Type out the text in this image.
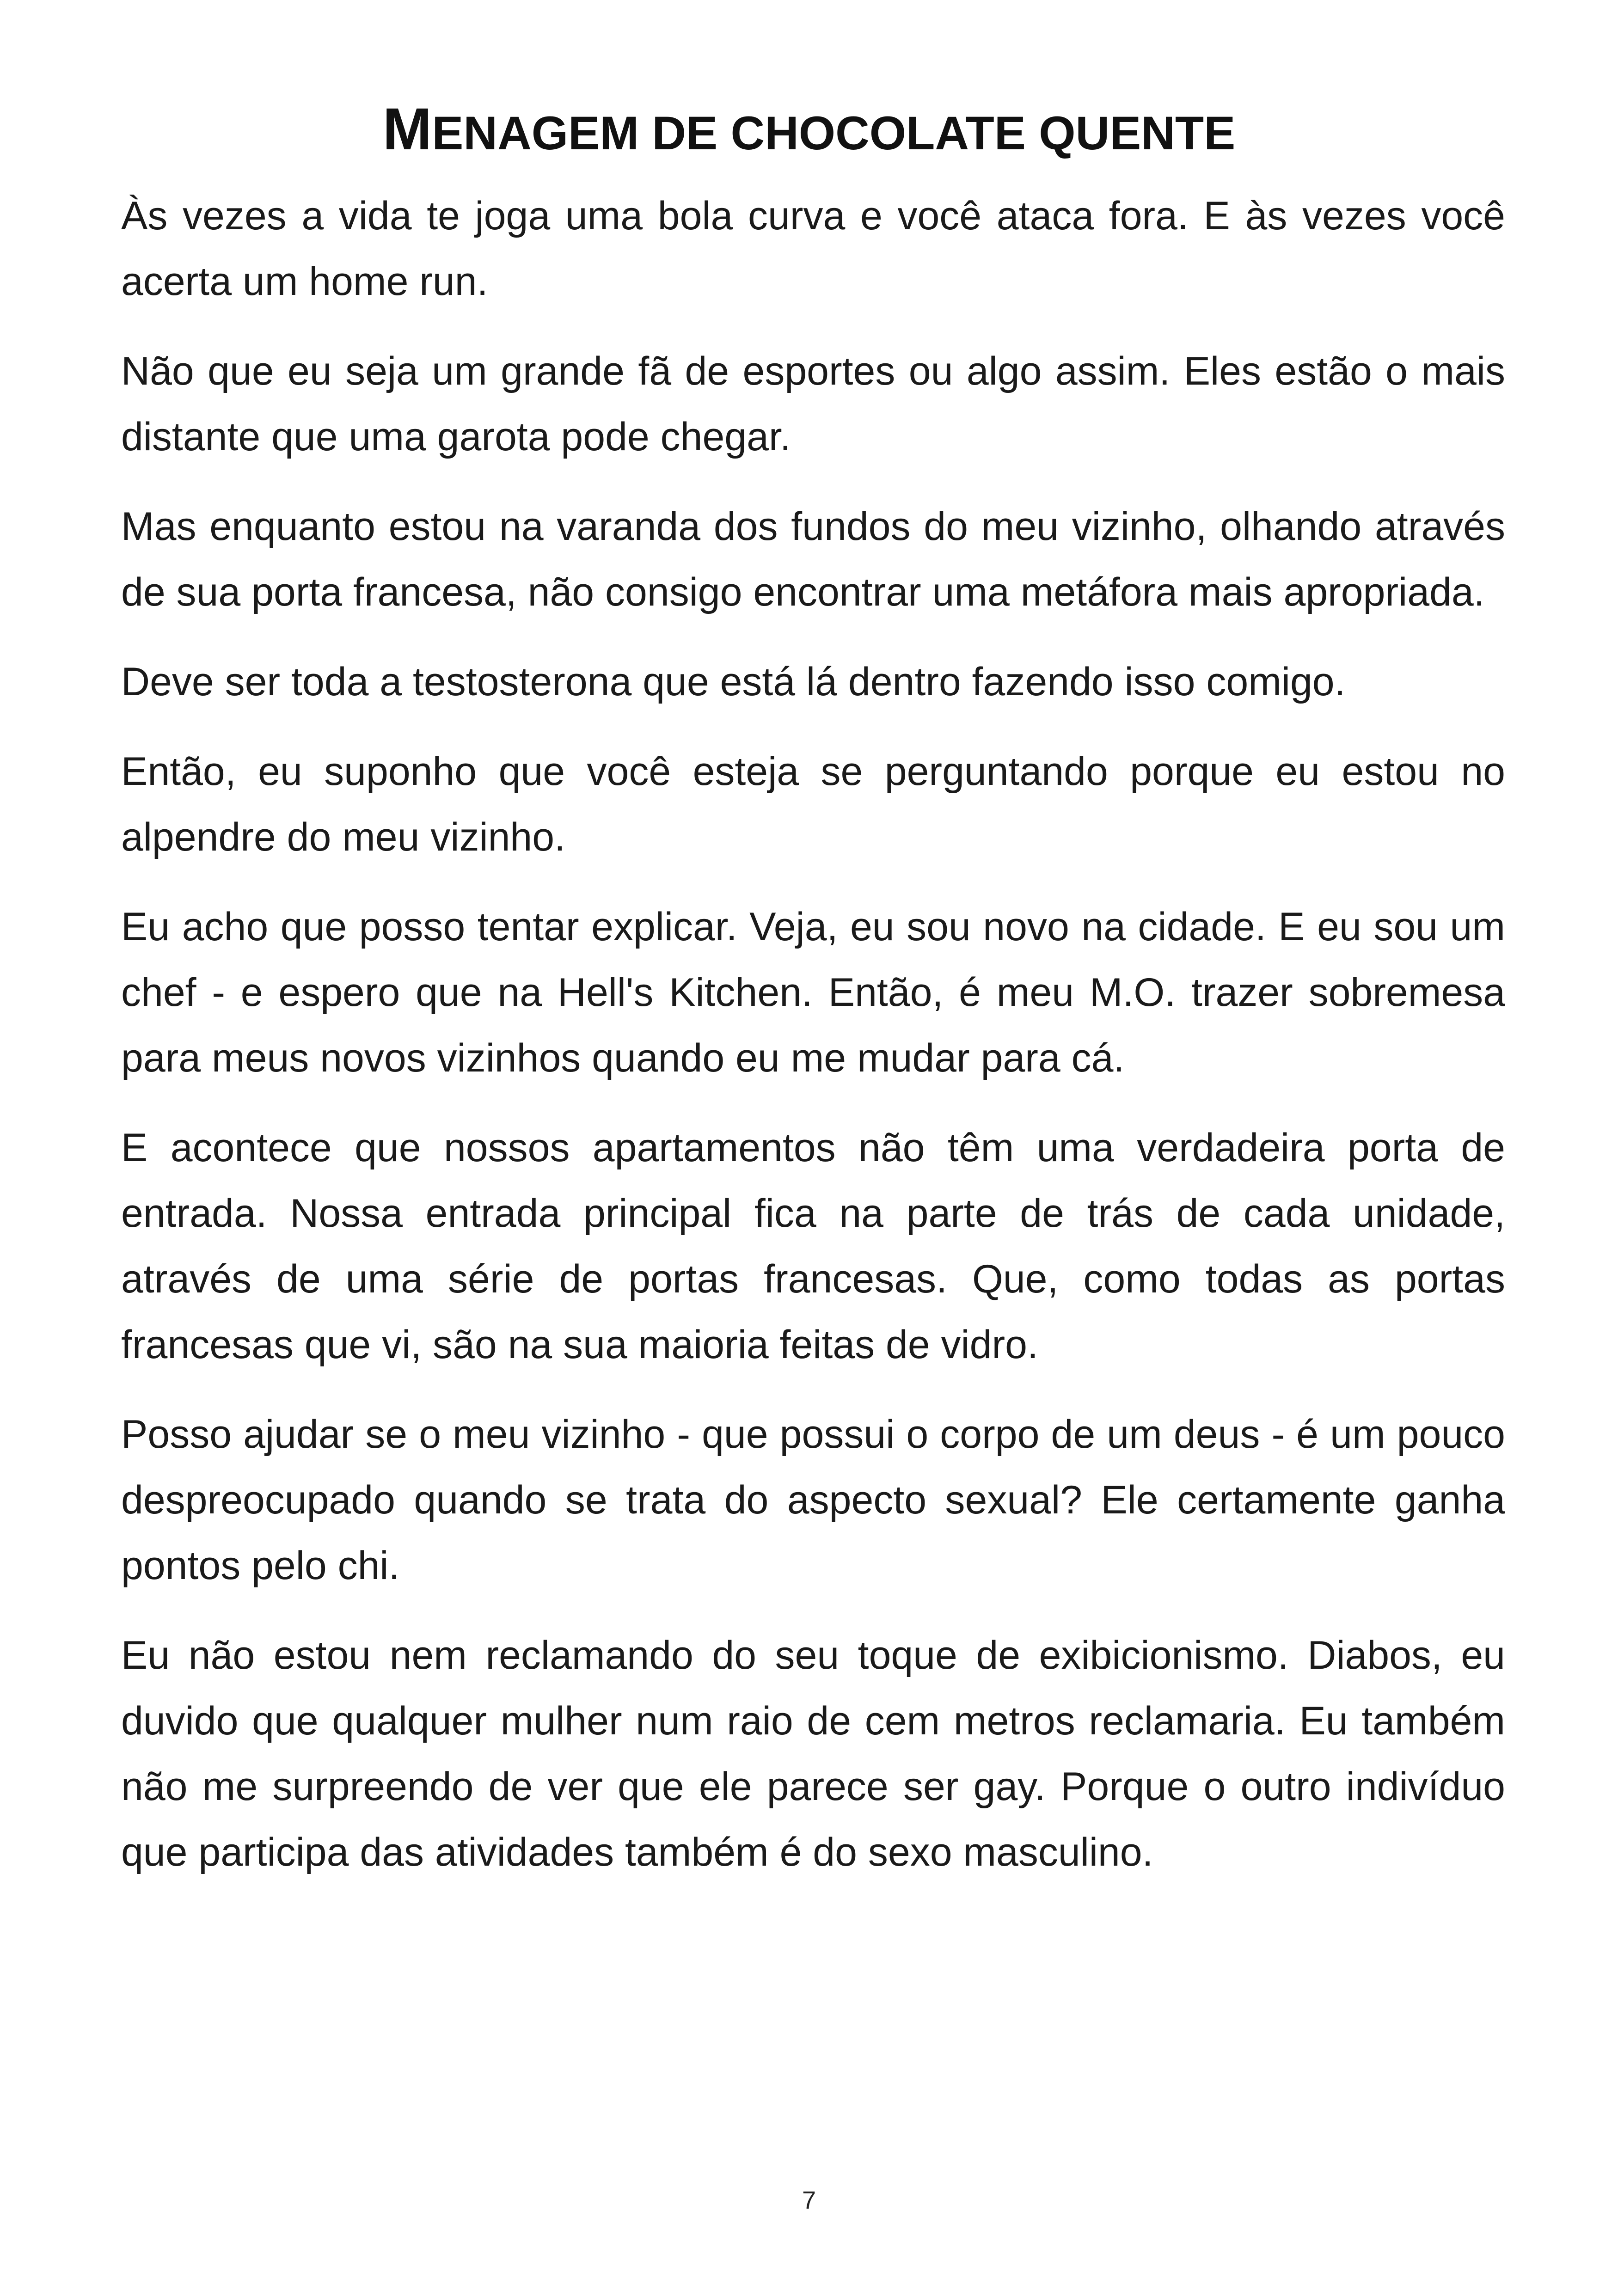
MENAGEM DE CHOCOLATE QUENTE

Às vezes a vida te joga uma bola curva e você ataca fora. E às vezes você acerta um home run.

Não que eu seja um grande fã de esportes ou algo assim. Eles estão o mais distante que uma garota pode chegar.

Mas enquanto estou na varanda dos fundos do meu vizinho, olhando através de sua porta francesa, não consigo encontrar uma metáfora mais apropriada.

Deve ser toda a testosterona que está lá dentro fazendo isso comigo.

Então, eu suponho que você esteja se perguntando porque eu estou no alpendre do meu vizinho.

Eu acho que posso tentar explicar. Veja, eu sou novo na cidade. E eu sou um chef - e espero que na Hell's Kitchen. Então, é meu M.O. trazer sobremesa para meus novos vizinhos quando eu me mudar para cá.

E acontece que nossos apartamentos não têm uma verdadeira porta de entrada. Nossa entrada principal fica na parte de trás de cada unidade, através de uma série de portas francesas. Que, como todas as portas francesas que vi, são na sua maioria feitas de vidro.

Posso ajudar se o meu vizinho - que possui o corpo de um deus - é um pouco despreocupado quando se trata do aspecto sexual? Ele certamente ganha pontos pelo chi.

Eu não estou nem reclamando do seu toque de exibicionismo. Diabos, eu duvido que qualquer mulher num raio de cem metros reclamaria. Eu também não me surpreendo de ver que ele parece ser gay. Porque o outro indivíduo que participa das atividades também é do sexo masculino.

7
